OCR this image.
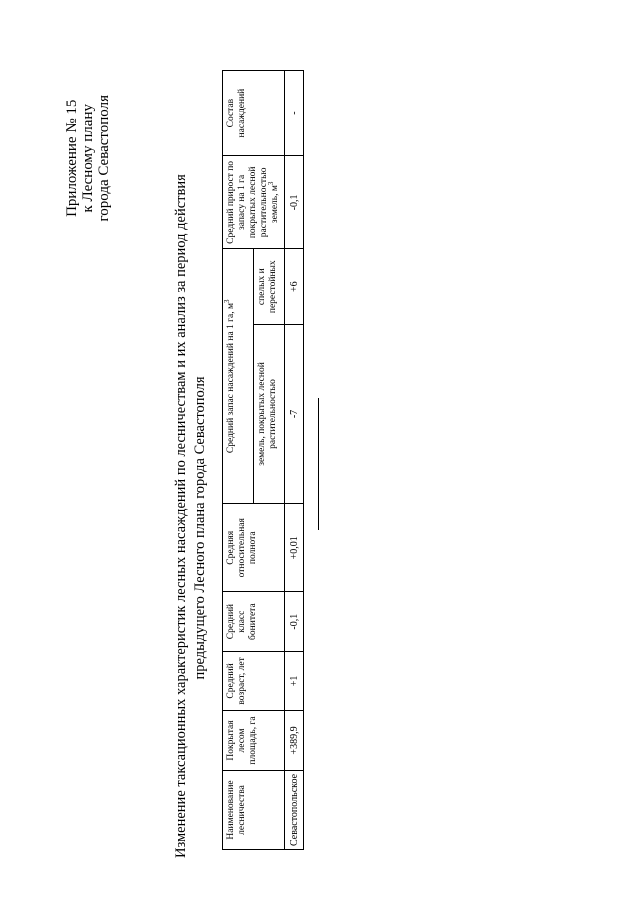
Приложение № 15 к Лесному плану города Севастополя
Изменение таксационных характеристик лесных насаждений по лесничествам и их анализ за период действия предыдущего Лесного плана города Севастополя
Наименование лесничества	Покрытая лесом площадь, га	Средний возраст, лет	Средний класс бонитета	Средняя относительная полнота	Средний запас насаждений на 1 га, $м^3$		Средний прирост по запасу на 1 га покрытых лесной растительностью земель, $м^3$	Состав насаждений
					земель, покрытых лесной растительностью	спелых и перестойных		
Севастопольское	+389,9	+1	-0,1	+0,01	-7	+6	-0,1	-
